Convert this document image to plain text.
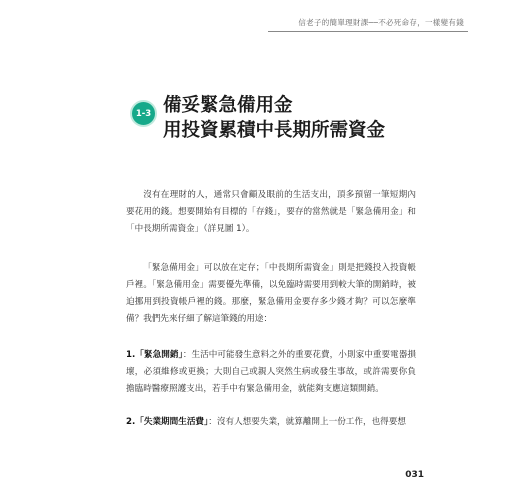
信老子的簡單理財課──不必死命存，一樣變有錢
1-3 備妥緊急備用金
用投資累積中長期所需資金

沒有在理財的人，通常只會顧及眼前的生活支出，頂多預留一筆短期內要花用的錢。想要開始有目標的「存錢」，要存的當然就是「緊急備用金」和「中長期所需資金」（詳見圖 1）。

「緊急備用金」可以放在定存；「中長期所需資金」則是把錢投入投資帳戶裡。「緊急備用金」需要優先準備，以免臨時需要用到較大筆的開銷時，被迫挪用到投資帳戶裡的錢。那麼，緊急備用金要存多少錢才夠？可以怎麼準備？我們先來仔細了解這筆錢的用途：

1.「緊急開銷」：生活中可能發生意料之外的重要花費，小則家中重要電器損壞，必須維修或更換；大則自己或親人突然生病或發生事故，或許需要你負擔臨時醫療照護支出，若手中有緊急備用金，就能夠支應這類開銷。

2.「失業期間生活費」：沒有人想要失業，就算離開上一份工作，也得要想

031
